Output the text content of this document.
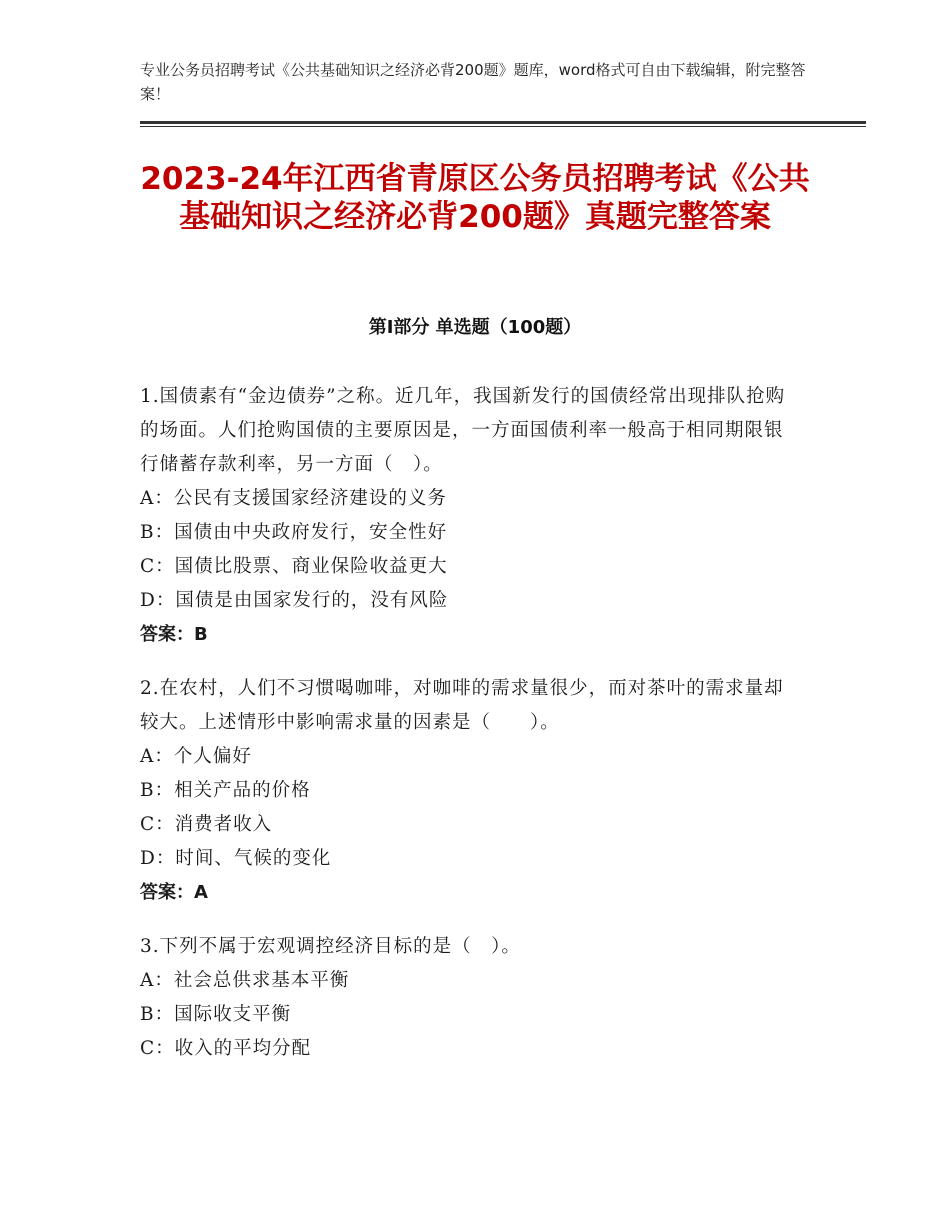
专业公务员招聘考试《公共基础知识之经济必背200题》题库，word格式可自由下载编辑，附完整答案！
2023-24年江西省青原区公务员招聘考试《公共基础知识之经济必背200题》真题完整答案
第I部分 单选题（100题）

1.国债素有“金边债券”之称。近几年，我国新发行的国债经常出现排队抢购的场面。人们抢购国债的主要原因是，一方面国债利率一般高于相同期限银行储蓄存款利率，另一方面（　）。

A：公民有支援国家经济建设的义务

B：国债由中央政府发行，安全性好

C：国债比股票、商业保险收益更大

D：国债是由国家发行的，没有风险

答案：B

2.在农村，人们不习惯喝咖啡，对咖啡的需求量很少，而对茶叶的需求量却较大。上述情形中影响需求量的因素是（　　）。

A：个人偏好

B：相关产品的价格

C：消费者收入

D：时间、气候的变化

答案：A

3.下列不属于宏观调控经济目标的是（　）。

A：社会总供求基本平衡

B：国际收支平衡

C：收入的平均分配
